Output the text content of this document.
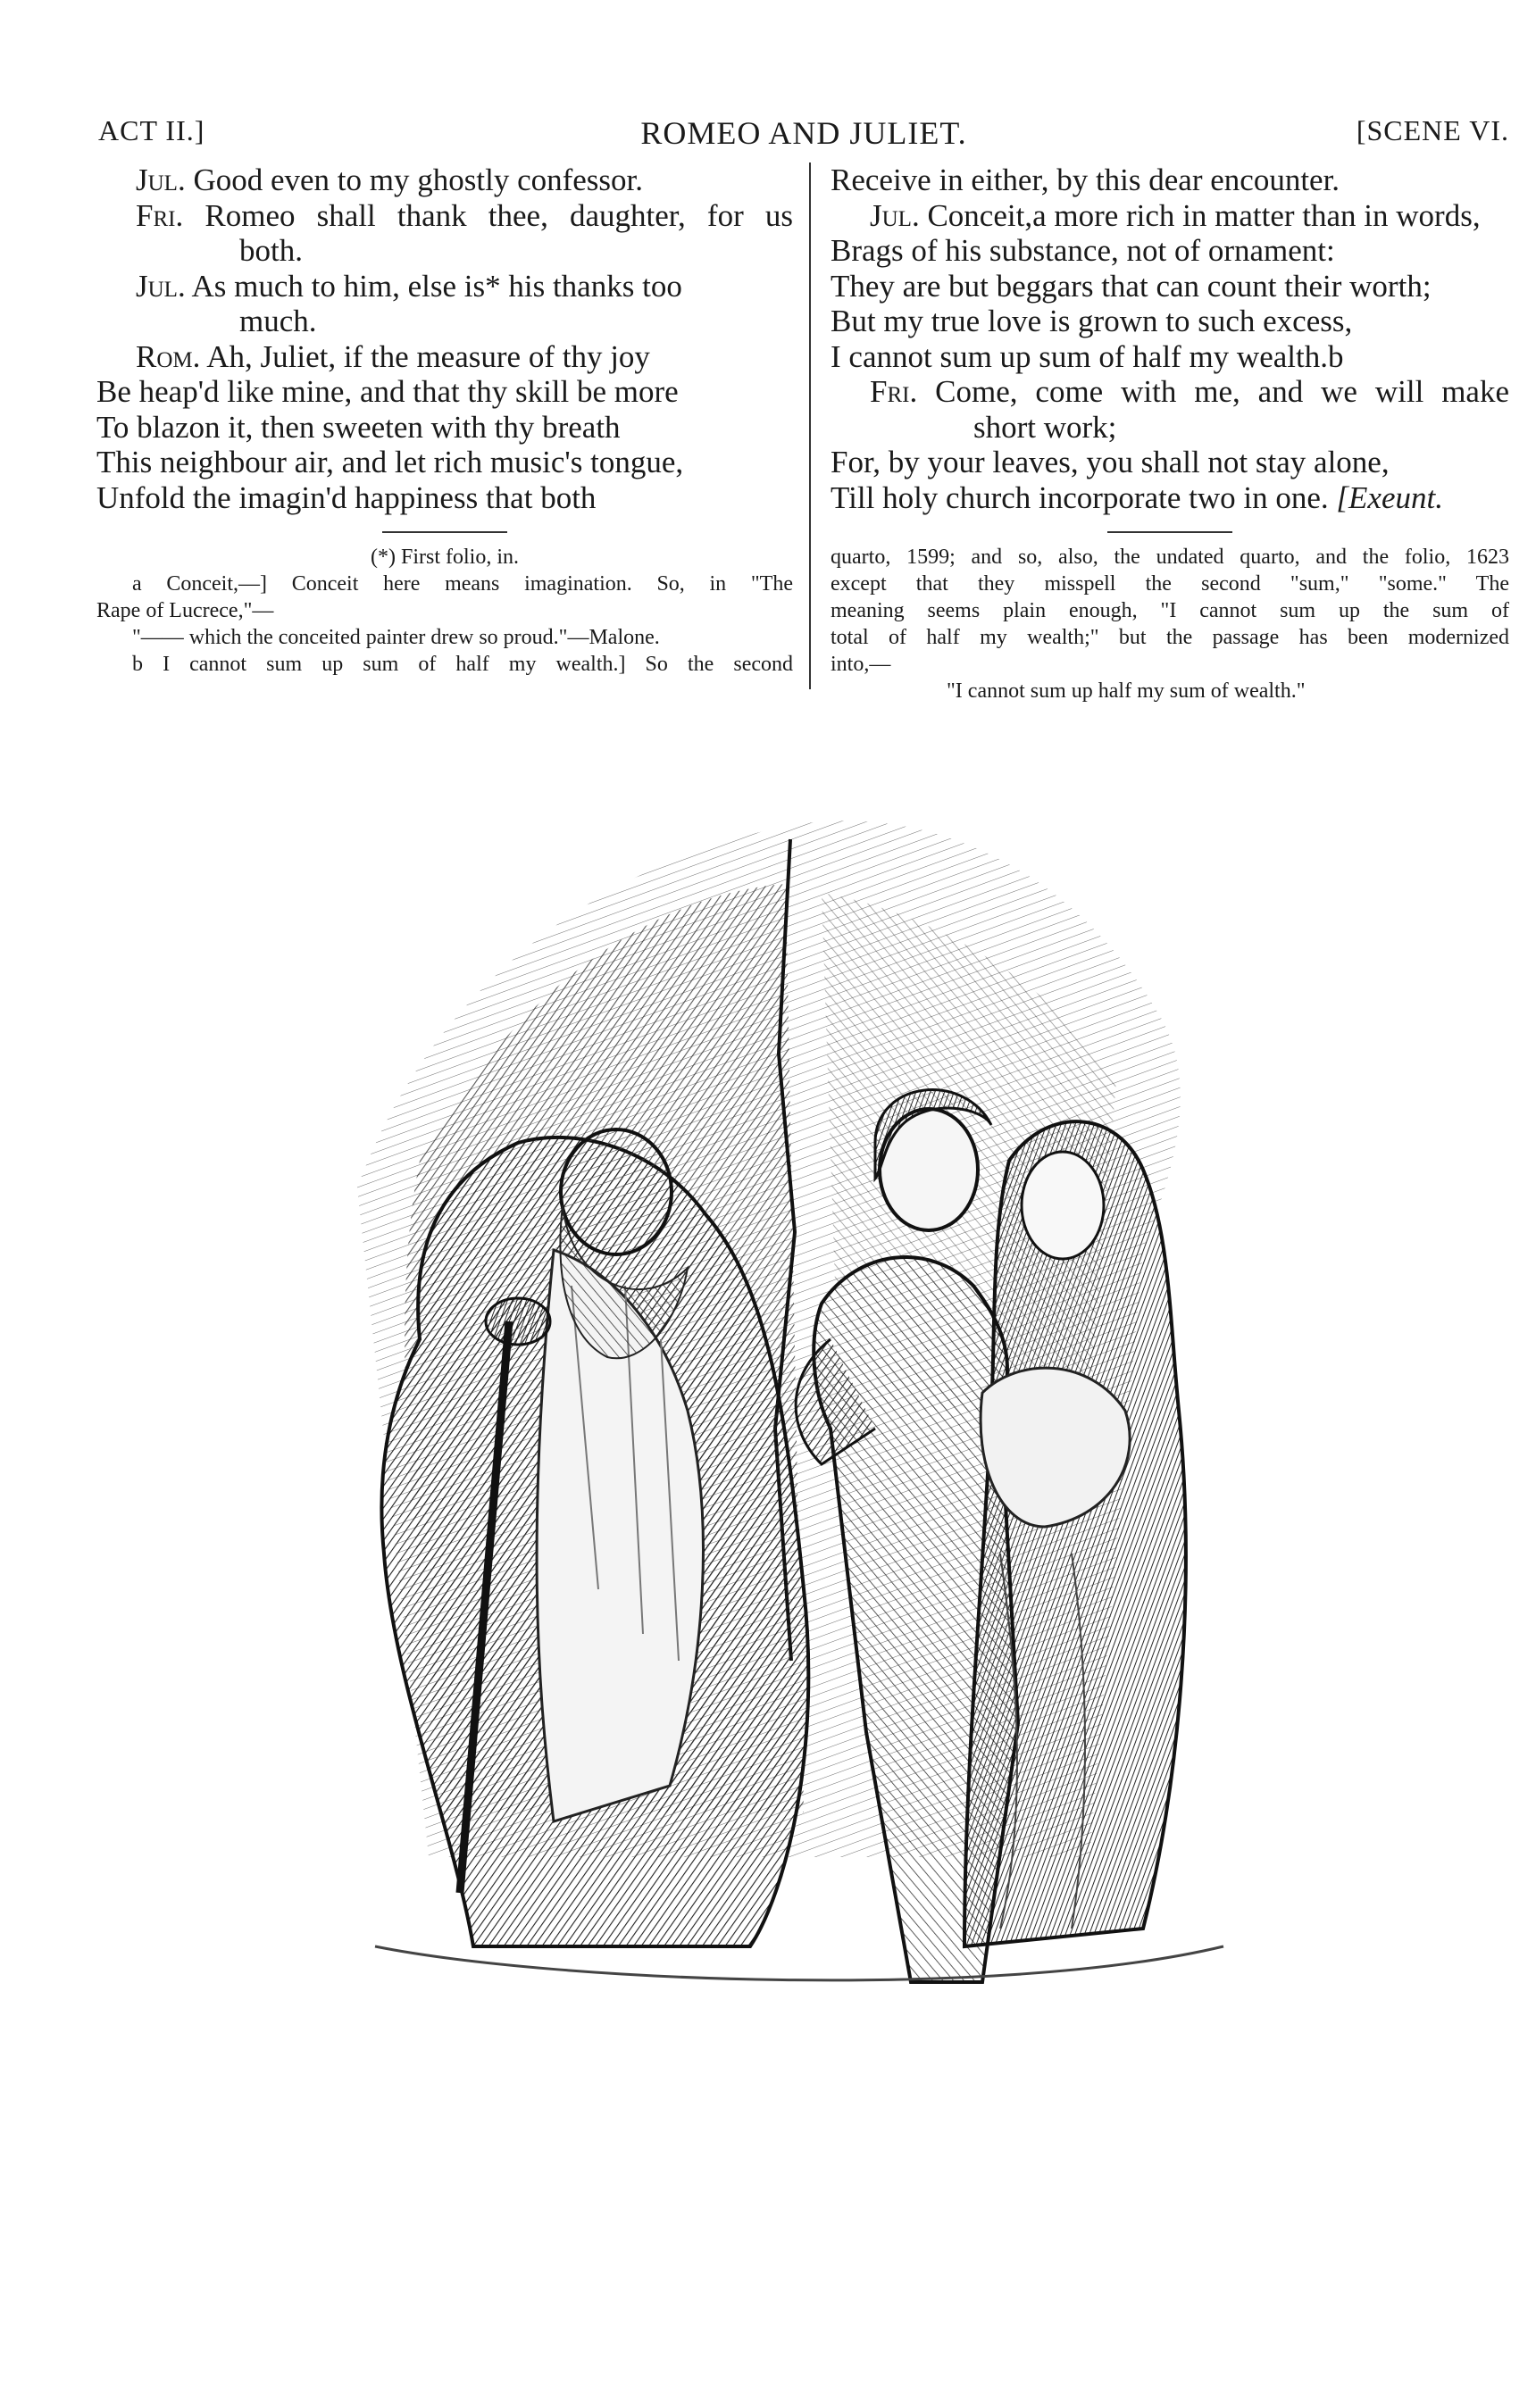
ACT II.]	ROMEO AND JULIET.	[SCENE VI.
Jul. Good even to my ghostly confessor.
Fri. Romeo shall thank thee, daughter, for us
both.
Jul. As much to him, else is* his thanks too
much.
Rom. Ah, Juliet, if the measure of thy joy
Be heap'd like mine, and that thy skill be more
To blazon it, then sweeten with thy breath
This neighbour air, and let rich music's tongue,
Unfold the imagin'd happiness that both
(*) First folio, in.
a Conceit,—] Conceit here means imagination. So, in "The
Rape of Lucrece,"—
"—— which the conceited painter drew so proud."—Malone.
b I cannot sum up sum of half my wealth.] So the second
Receive in either, by this dear encounter.
Jul. Conceit,a more rich in matter than in words,
Brags of his substance, not of ornament:
They are but beggars that can count their worth;
But my true love is grown to such excess,
I cannot sum up sum of half my wealth.b
Fri. Come, come with me, and we will make
short work;
For, by your leaves, you shall not stay alone,
Till holy church incorporate two in one. [Exeunt.
quarto, 1599; and so, also, the undated quarto, and the folio, 1623
except that they misspell the second "sum," "some." The
meaning seems plain enough, "I cannot sum up the sum of
total of half my wealth;" but the passage has been modernized
into,—
"I cannot sum up half my sum of wealth."
